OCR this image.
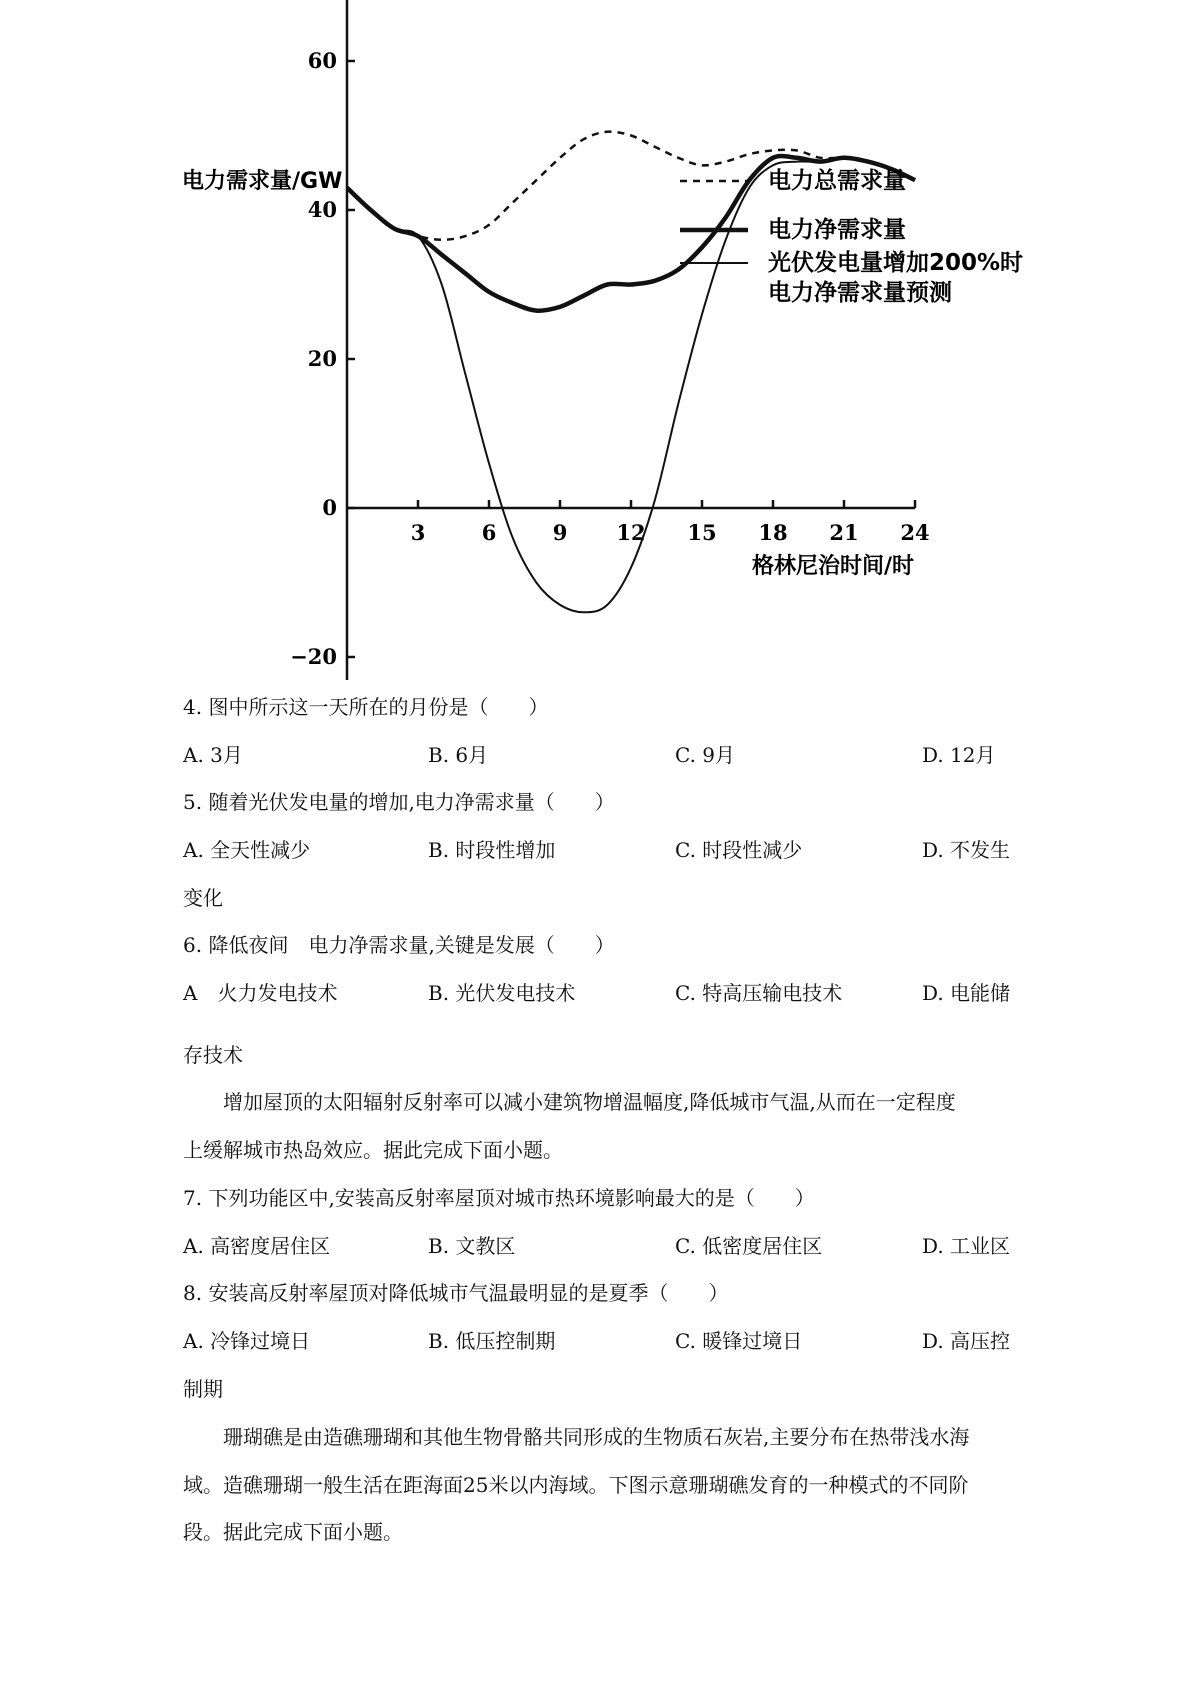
60
40
20
0
−20
3	6	9 12 15 18 21 24
电力总需求量
电力净需求量
光伏发电量增加200%时
电力净需求量预测
电力需求量/GW
格林尼治时间/时
4. 图中所示这一天所在的月份是（　　）
A. 3月	B. 6月	C. 9月	D. 12月
5. 随着光伏发电量的增加,电力净需求量（　　）
A. 全天性减少	B. 时段性增加	C. 时段性减少	D. 不发生
变化
6. 降低夜间　电力净需求量,关键是发展（　　）
A　火力发电技术	B. 光伏发电技术	C. 特高压输电技术	D. 电能储
存技术
增加屋顶的太阳辐射反射率可以减小建筑物增温幅度,降低城市气温,从而在一定程度
上缓解城市热岛效应。据此完成下面小题。
7. 下列功能区中,安装高反射率屋顶对城市热环境影响最大的是（　　）
A. 高密度居住区	B. 文教区	C. 低密度居住区	D. 工业区
8. 安装高反射率屋顶对降低城市气温最明显的是夏季（　　）
A. 冷锋过境日	B. 低压控制期	C. 暖锋过境日	D. 高压控
制期
珊瑚礁是由造礁珊瑚和其他生物骨骼共同形成的生物质石灰岩,主要分布在热带浅水海
域。造礁珊瑚一般生活在距海面25米以内海域。下图示意珊瑚礁发育的一种模式的不同阶
段。据此完成下面小题。
